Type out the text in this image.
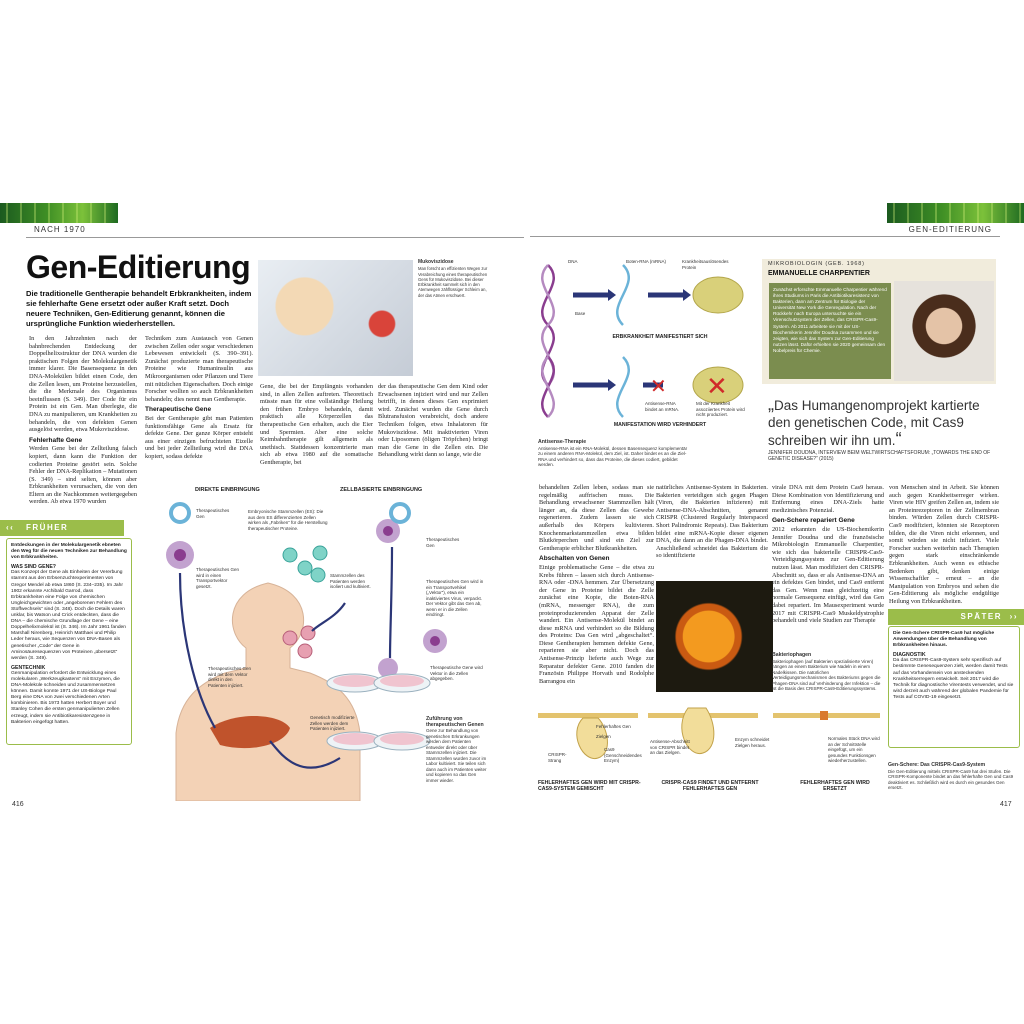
NACH 1970	GEN-EDITIERUNG
Gen-Editierung
Die traditionelle Gentherapie behandelt Erbkrankheiten, indem sie fehlerhafte Gene ersetzt oder außer Kraft setzt. Doch neuere Techniken, Gen-Editierung genannt, können die ursprüngliche Funktion wiederherstellen.
Mukoviszidose
Man forscht an effizienten Wegen zur Verabreichung eines therapeutischen Gens für Mukoviszidose. Bei dieser Erbkrankheit sammelt sich in den Atemwegen zähflüssiger Schleim an, der das Atmen erschwert.
In den Jahrzehnten nach der bahnbrechenden Entdeckung der Doppelhelixstruktur der DNA wurden die praktischen Folgen der Molekulargenetik immer klarer. Die Basensequenz in den DNA-Molekülen bildet einen Code, den die Zellen lesen, um Proteine herzustellen, die die Merkmale des Organismus beeinflussen (S. 349). Der Code für ein Protein ist ein Gen. Man überlegte, die DNA zu manipulieren, um Krankheiten zu behandeln, die von defekten Genen ausgelöst werden, etwa Mukoviszidose.
Fehlerhafte Gene
Werden Gene bei der Zellteilung falsch kopiert, dann kann die Funktion der codierten Proteine gestört sein. Solche Fehler der DNA-Replikation – Mutationen (S. 349) – sind selten, können aber Erbkrankheiten verursachen, die von den Eltern an die Nachkommen weitergegeben werden. Ab etwa 1970 wurden
Techniken zum Austausch von Genen zwischen Zellen oder sogar verschiedenen Lebewesen entwickelt (S. 390–391). Zunächst produzierte man therapeutische Proteine wie Humaninsulin aus Mikroorganismen oder Pflanzen und Tiere mit nützlichen Eigenschaften. Doch einige Forscher wollten so auch Erbkrankheiten behandeln; dies nennt man Gentherapie.
Therapeutische Gene
Bei der Gentherapie gibt man Patienten funktionsfähige Gene als Ersatz für defekte Gene. Der ganze Körper entsteht aus einer einzigen befruchteten Eizelle und bei jeder Zellteilung wird die DNA kopiert, sodass defekte
Gene, die bei der Empfängnis vorhanden sind, in allen Zellen auftreten. Theoretisch müsste man für eine vollständige Heilung den frühen Embryo behandeln, damit praktisch alle Körperzellen das therapeutische Gen erhalten, auch die Eier und Spermien. Aber eine solche Keimbahntherapie gilt allgemein als unethisch. Stattdessen konzentrierte man sich ab etwa 1980 auf die somatische Gentherapie, bei
der das therapeutische Gen dem Kind oder Erwachsenen injiziert wird und nur Zellen betrifft, in denen dieses Gen exprimiert wird. Zunächst wurden die Gene durch Blutransfusion verabreicht, doch andere Techniken folgen, etwa Inhalatoren für Mukoviszidose. Mit inaktivierten Viren oder Liposomen (öligen Tröpfchen) bringt man die Gene in die Zellen ein. Die Behandlung wirkt dann so lange, wie die
‹‹ FRÜHER
Entdeckungen in der Molekulargenetik ebneten den Weg für die neuen Techniken zur Behandlung von Erbkrankheiten.
WAS SIND GENE?
Das Konzept der Gene als Einheiten der Vererbung stammt aus den Erbsenzuchtexperimenten von Gregor Mendel ab etwa 1860 (S. 234–235). Im Jahr 1902 erkannte Archibald Garrod, dass Erbkrankheiten eine Folge von chemischen Ungleichgewichten oder „angeborenen Fehlern des Stoffwechsels“ sind (S. 348). Doch die Details waren unklar, bis Watson und Crick entdeckten, dass die DNA – die chemische Grundlage der Gene – eine Doppelhelixmolekül ist (S. 346). Im Jahr 1961 fanden Marshall Nirenberg, Heinrich Matthaei und Philip Leder heraus, wie Sequenzen von DNA-Basen als genetischer „Code“ der Gene in Aminosäuresequenzen von Proteinen „übersetzt“ werden (S. 349).
GENTECHNIK
Genmanipulation erfordert die Entwicklung eines molekularen „Werkzeugkastens“ mit Enzymen, die DNA-Moleküle schneiden und zusammensetzen können. Damit konnte 1971 der US-Biologe Paul Berg eine DNA von zwei verschiedenen Arten kombinieren. Bis 1973 hatten Herbert Boyer und Stanley Cohen die ersten genmanipulierten Zellen erzeugt, indem sie Antibiotikaresistenzgene in Bakterien eingefügt hatten.
DIREKTE EINBRINGUNG	ZELLBASIERTE EINBRINGUNG
Therapeutisches Gen
Therapeutisches Gen
Embryonische Stammzellen (ES): Die aus dem ES differenzierten Zellen wirken als „Fabriken“ für die Herstellung therapeutischer Proteine.
Stammzellen des Patienten werden isoliert und kultiviert.
Therapeutisches Gen wird in einen Transportvektor gesetzt.
Therapeutisches Gen wird in ein Transportvehikel („Vektor“), etwa ein inaktiviertes Virus, verpackt. Der Vektor gibt das Gen ab, wenn er in die Zellen eindringt.
Therapeutisches Gen wird mit dem Vektor direkt in den Patienten injiziert.
Therapeutische Gene wird Vektor in die Zellen abgegeben.
Genetisch modifizierte Zellen werden dem Patienten injiziert.
Zuführung von therapeutischen Genen
Gene zur Behandlung von genetischen Erkrankungen werden dem Patienten entweder direkt oder über Stammzellen injiziert. Die Stammzellen wurden zuvor im Labor kultiviert. Sie teilen sich dann auch im Patienten weiter und kopieren so das Gen immer wieder.
416
✕ ✕
DNA	Boten-RNA (mRNA)	Krankheitsauslösendes Protein
Base
ERBKRANKHEIT MANIFESTIERT SICH
Antisense-RNA bindet an mRNA.
Mit der Krankheit assoziiertes Protein wird nicht produziert.
MANIFESTATION WIRD VERHINDERT
Antisense-Therapie
Antisense-RNA ist ein RNA-Molekül, dessen Basensequenz komplementär zu einem anderen RNA-Molekül, dem Ziel, ist. Daher bindet es an die Ziel-RNA und verhindert so, dass das Proteine, die dieses codiert, gebildet werden.
MIKROBIOLOGIN (GEB. 1968)
EMMANUELLE CHARPENTIER
Zunächst erforschte Emmanuelle Charpentier während ihres Studiums in Paris die Antibiotikaresistenz von Bakterien, dann am Zentrum für Biologie der Universität New York die Genregulation. Nach der Rückkehr nach Europa untersuchte sie ein Virenschutzsystem der Zellen, das CRISPR-Cas9-System. Ab 2011 arbeitete sie mit der US-Biochemikerin Jennifer Doudna zusammen und sie zeigten, wie sich das System zur Gen-Editierung nutzen lässt. Dafür erhielten sie 2020 gemeinsam den Nobelpreis für Chemie.
„Das Humangenomprojekt kartierte den genetischen Code, mit Cas9 schreiben wir ihn um.“
JENNIFER DOUDNA, INTERVIEW BEIM WELTWIRTSCHAFTSFORUM: „TOWARDS THE END OF GENETIC DISEASE?“ (2015)
behandelten Zellen leben, sodass man sie regelmäßig auffrischen muss. Die Behandlung erwachsener Stammzellen hält länger an, da diese Zellen das Gewebe regenerieren. Zudem lassen sie sich außerhalb des Körpers kultivieren. Knochenmarkstammzellen etwa bilden Blutkörperchen und sind ein Ziel zur Gentherapie erblicher Blutkrankheiten.
Abschalten von Genen
Einige problematische Gene – die etwa zu Krebs führen – lassen sich durch Antisense-RNA oder -DNA hemmen. Zur Übersetzung der Gene in Proteine bildet die Zelle zunächst eine Kopie, die Boten-RNA (mRNA, messenger RNA), die zum proteinproduzierenden Apparat der Zelle wandert. Ein Antisense-Molekül bindet an diese mRNA und verhindert so die Bildung des Proteins: Das Gen wird „abgeschaltet“. Diese Gentherapien hemmen defekte Gene, reparieren sie aber nicht. Doch das Antisense-Prinzip lieferte auch Wege zur Reparatur defekter Gene. 2010 fanden die Französin Philippe Horvath und Rodolphe Barrangou ein
natürliches Antisense-System in Bakterien. Bakterien verteidigen sich gegen Phagen (Viren, die Bakterien infizieren) mit Antisense-DNA-Abschnitten, genannt CRISPR (Clustered Regularly Interspaced Short Palindromic Repeats). Das Bakterium bildet eine mRNA-Kopie dieser eigenen DNA, die dann an die Phagen-DNA bindet. Anschließend schneidet das Bakterium die so identifizierte
virale DNA mit dem Protein Cas9 heraus. Diese Kombination von Identifizierung und Entfernung eines DNA-Ziels hatte medizinisches Potenzial.
Gen-Schere repariert Gene
2012 erkannten die US-Biochemikerin Jennifer Doudna und die französische Mikrobiologin Emmanuelle Charpentier, wie sich das bakterielle CRISPR-Cas9-Verteidigungssystem zur Gen-Editierung nutzen lässt. Man modifiziert den CRISPR-Abschnitt so, dass er als Antisense-DNA an ein defektes Gen bindet, und Cas9 entfernt das Gen. Wenn man gleichzeitig eine normale Gensequenz einfügt, wird das Gen dabei repariert. Im Mausexperiment wurde 2017 mit CRISPR-Cas9 Muskeldystrophie behandelt und viele Studien zur Therapie
Bakteriophagen
Bakteriophagen (auf Bakterien spezialisierte Viren) hängen an einem Bakterium wie Nadeln in einem Nadelkissen. Die natürlichen Verteidigungsmechanismen des Bakteriums gegen die Phagen-DNA sind auf Verhinderung der Infektion – die ist die Basis des CRISPR-Cas9-Editierungssystems.
von Menschen sind in Arbeit. Sie können auch gegen Krankheitserreger wirken. Viren wie HIV greifen Zellen an, indem sie an Proteinrezeptoren in der Zellmembran binden. Würden Zellen durch CRISPR-Cas9 modifiziert, könnten sie Rezeptoren bilden, die die Viren nicht erkennen, und somit würden sie nicht infiziert. Viele Forscher suchen weiterhin nach Therapien gegen stark einschränkende Erbkrankheiten. Auch wenn es ethische Bedenken gibt, denken einige Wissenschaftler – erneut – an die Manipulation von Embryos und sehen die Gen-Editierung als mögliche endgültige Heilung von Erbkrankheiten.
SPÄTER ››
Die Gen-Schere CRISPR-Cas9 hat mögliche Anwendungen über die Behandlung von Erbkrankheiten hinaus.
DIAGNOSTIK
Da das CRISPR-Cas9-System sehr spezifisch auf bestimmte Genesequenzen zielt, werden damit Tests auf das Vorhandensein von ansteckenden Krankheitserregern entwickelt. Seit 2017 wird die Technik für diagnostische Virentests verwendet, und sie wird derzeit auch während der globalen Pandemie für Tests auf COVID-19 eingesetzt.
Fehlerhaftes Gen
Zielgen
CRISPR-Strang
Cas9 (Genschneidendes Enzym)
Antisense-Abschnitt von CRISPR bindet an das Zielgen.
Enzym schneidet Zielgen heraus.
Normales Stück DNA wird an der Schnittstelle eingefügt, um ein gesundes Funktionsgen wiederherzustellen.
FEHLERHAFTES GEN WIRD MIT CRISPR-CAS9-SYSTEM GEMISCHT
CRISPR-CAS9 FINDET UND ENTFERNT FEHLERHAFTES GEN
FEHLERHAFTES GEN WIRD ERSETZT
Gen-Schere: Das CRISPR-Cas9-System
Die Gen-Editierung mittels CRISPR-Cas9 hat drei Stufen. Die CRISPR-Komponente bindet an das fehlerhafte Gen und Cas9 deaktiviert es. Schließlich wird es durch ein gesundes Gen ersetzt.
417
